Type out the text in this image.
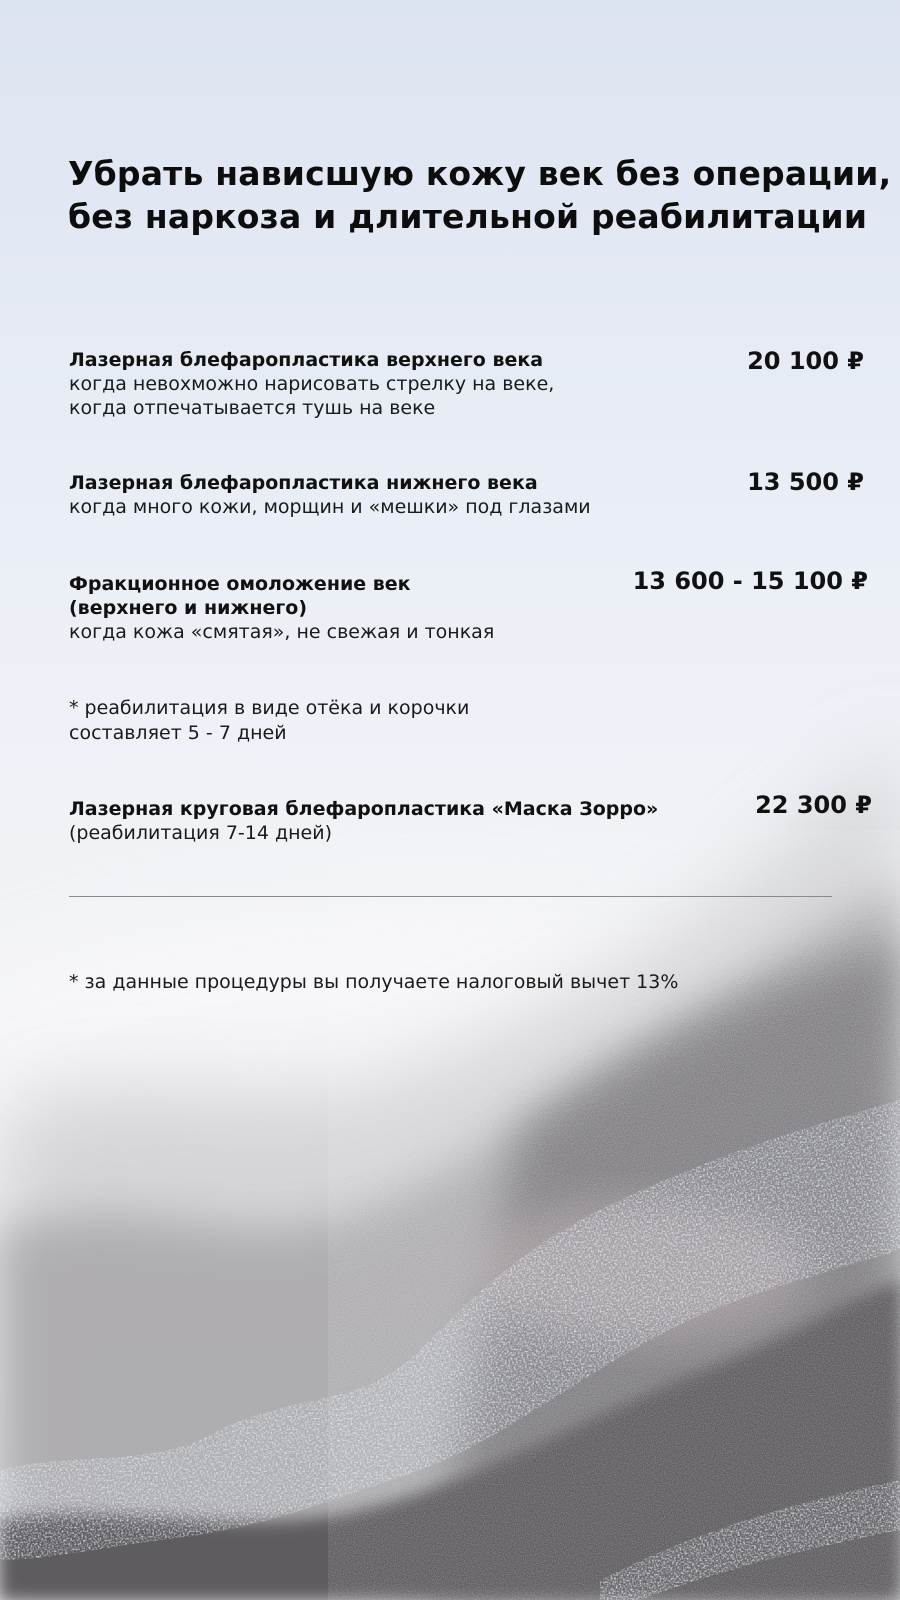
Убрать нависшую кожу век без операции,
без наркоза и длительной реабилитации
Лазерная блефаропластика верхнего века
когда невохможно нарисовать стрелку на веке,
когда отпечатывается тушь на веке
20 100 ₽
Лазерная блефаропластика нижнего века
когда много кожи, морщин и «мешки» под глазами
13 500 ₽
Фракционное омоложение век
(верхнего и нижнего)
когда кожа «смятая», не свежая и тонкая
13 600 - 15 100 ₽
* реабилитация в виде отёка и корочки
составляет 5 - 7 дней
Лазерная круговая блефаропластика «Маска Зорро»
(реабилитация 7-14 дней)
22 300 ₽
* за данные процедуры вы получаете налоговый вычет 13%
